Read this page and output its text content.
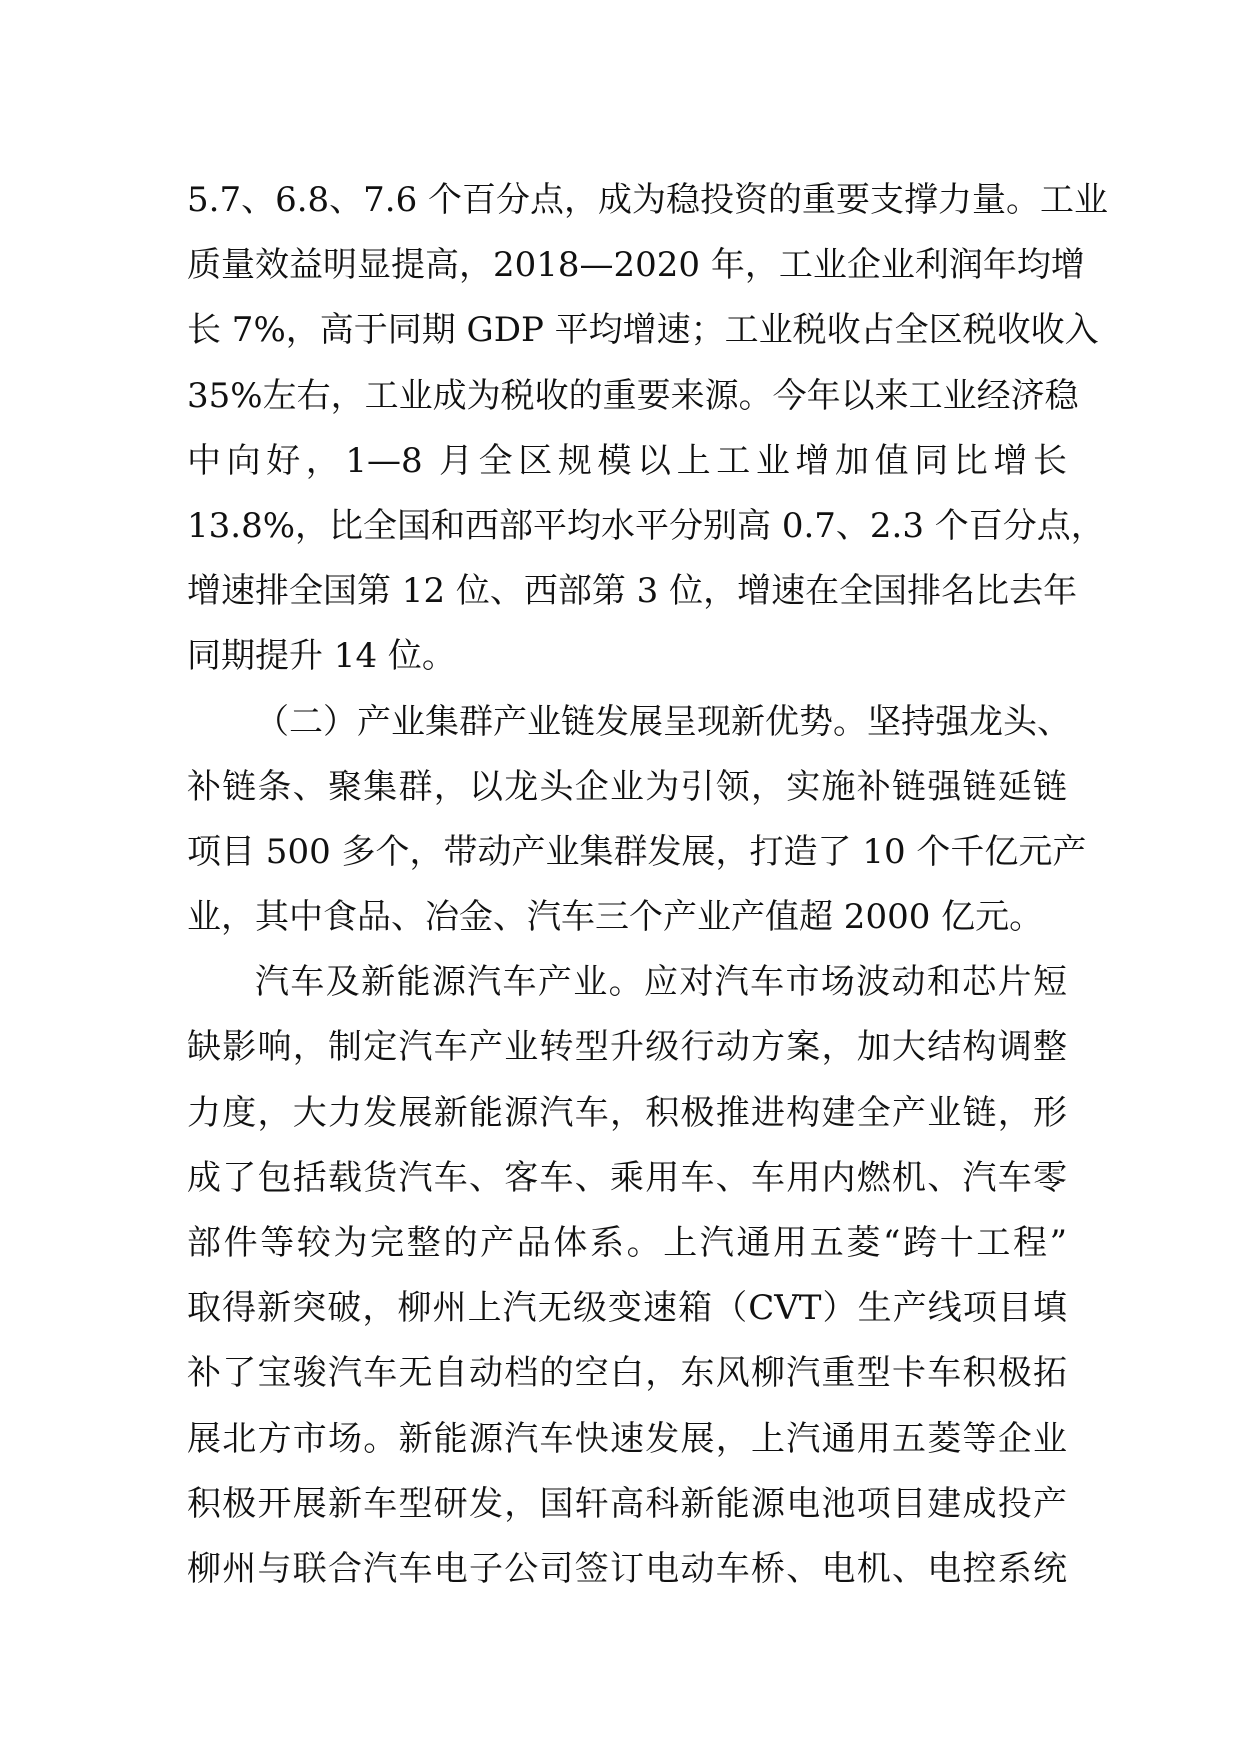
5.7、6.8、7.6 个百分点，成为稳投资的重要支撑力量。工业
质量效益明显提高，2018—2020 年，工业企业利润年均增
长 7%，高于同期 GDP 平均增速；工业税收占全区税收收入
35%左右，工业成为税收的重要来源。今年以来工业经济稳
中向好，1—8 月全区规模以上工业增加值同比增长
13.8%，比全国和西部平均水平分别高 0.7、2.3 个百分点，
增速排全国第 12 位、西部第 3 位，增速在全国排名比去年
同期提升 14 位。
（二）产业集群产业链发展呈现新优势。坚持强龙头、
补链条、聚集群，以龙头企业为引领，实施补链强链延链
项目 500 多个，带动产业集群发展，打造了 10 个千亿元产
业，其中食品、冶金、汽车三个产业产值超 2000 亿元。
汽车及新能源汽车产业。应对汽车市场波动和芯片短
缺影响，制定汽车产业转型升级行动方案，加大结构调整
力度，大力发展新能源汽车，积极推进构建全产业链，形
成了包括载货汽车、客车、乘用车、车用内燃机、汽车零
部件等较为完整的产品体系。上汽通用五菱“跨十工程”
取得新突破，柳州上汽无级变速箱（CVT）生产线项目填
补了宝骏汽车无自动档的空白，东风柳汽重型卡车积极拓
展北方市场。新能源汽车快速发展，上汽通用五菱等企业
积极开展新车型研发，国轩高科新能源电池项目建成投产
柳州与联合汽车电子公司签订电动车桥、电机、电控系统
